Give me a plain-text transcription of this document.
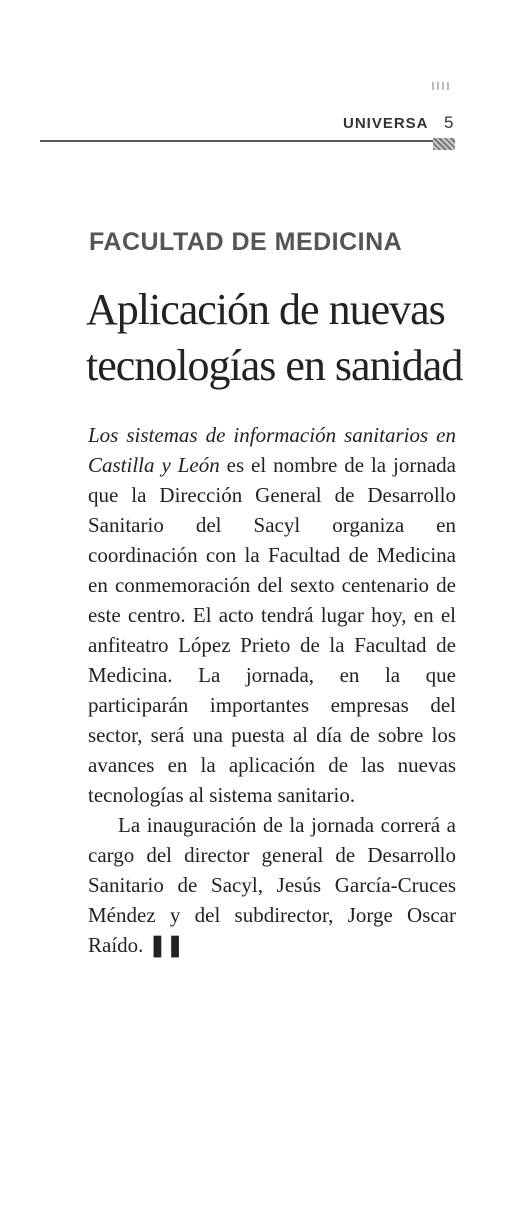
UNIVERSA 5
FACULTAD DE MEDICINA
Aplicación de nuevas
tecnologías en sanidad

Los sistemas de información sanitarios en Castilla y León es el nombre de la jornada que la Dirección General de Desarrollo Sanitario del Sacyl organiza en coordinación con la Facultad de Medicina en conmemoración del sexto centenario de este centro. El acto tendrá lugar hoy, en el anfiteatro López Prieto de la Facultad de Medicina. La jornada, en la que participarán importantes empresas del sector, será una puesta al día de sobre los avances en la aplicación de las nuevas tecnologías al sistema sanitario.

La inauguración de la jornada correrá a cargo del director general de Desarrollo Sanitario de Sacyl, Jesús García-Cruces Méndez y del subdirector, Jorge Oscar Raído. ❚❚
